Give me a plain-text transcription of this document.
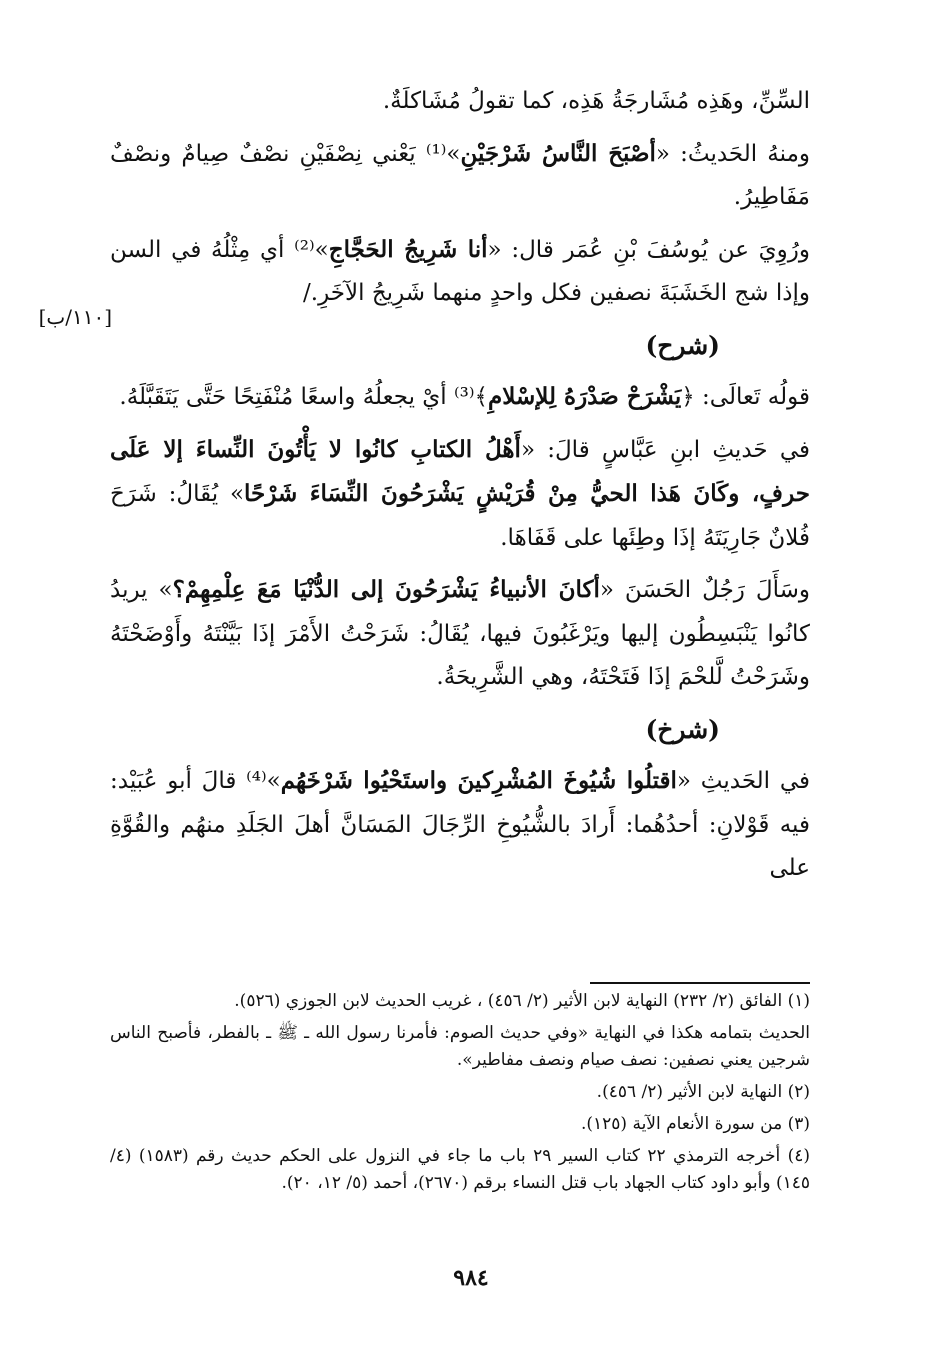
[١١٠/ب]

السِّنِّ، وهَذِه مُشَارجَةُ هَذِه، كما تقولُ مُشَاكلَةٌ.

ومنهُ الحَديثُ: «أصْبَحَ النَّاسُ شَرْجَيْنِ»⁽¹⁾ يَعْني نِصْفَيْنِ نصْفٌ صِيامٌ ونصْفٌ مَفَاطِيرُ.

ورُوِيَ عن يُوسُفَ بْنِ عُمَر قال: «أنا شَرِيجُ الحَجَّاجِ»⁽²⁾ أي مِثْلُهُ في السن وإذا شج الخَشَبَةَ نصفين فكل واحدٍ منهما شَرِيجُ الآخَرِ./

(شرح)

قولُه تَعالَى: ﴿يَشْرَحْ صَدْرَهُ لِلإسْلامِ﴾⁽³⁾ أيْ يجعلُهُ واسعًا مُنْفَتِحًا حَتَّى يَتَقَبَّلَهُ.

في حَديثِ ابنِ عَبَّاسٍ قالَ: «أَهْلُ الكتابِ كانُوا لا يَأْتُونَ النِّساءَ إلا عَلَى حرفٍ، وكَانَ هَذا الحيُّ مِنْ قُرَيْشٍ يَشْرَحُونَ النِّسَاءَ شَرْحًا» يُقَالُ: شَرَحَ فُلانٌ جَارِيَتَهُ إذَا وطِئَها على قَفَاهَا.

وسَأَلَ رَجُلٌ الحَسَنَ «أكانَ الأنبياءُ يَشْرَحُونَ إلى الدُّنْيَا مَعَ عِلْمِهِمْ؟» يريدُ كانُوا يَنْبَسِطُون إليها ويَرْغَبُونَ فيها، يُقَالُ: شَرَحْتُ الأَمْرَ إذَا بَيَّنْتَهُ وأَوْضَحْتَهُ وشَرَحْتُ لَّلحْمَ إذَا فَتَحْتَهُ، وهي الشَّرِيحَةُ.

(شرخ)

في الحَديثِ «اقتلُوا شُيُوخَ المُشْرِكينَ واستَحْيُوا شَرْخَهُم»⁽⁴⁾ قالَ أبو عُبَيْد: فيه قَوْلانِ: أحدُهُما: أَرادَ بالشُّيُوخِ الرِّجَالَ المَسَانَّ أهلَ الجَلَدِ منهُم والقُوَّةِ على

(١) الفائق (٢/ ٢٣٢) النهاية لابن الأثير (٢/ ٤٥٦) ، غريب الحديث لابن الجوزي (٥٢٦).

الحديث بتمامه هكذا في النهاية «وفي حديث الصوم: فأمرنا رسول الله ـ ﷺ ـ بالفطر، فأصبح الناس شرجين يعني نصفين: نصف صيام ونصف مفاطير».

(٢) النهاية لابن الأثير (٢/ ٤٥٦).

(٣) من سورة الأنعام الآية (١٢٥).

(٤) أخرجه الترمذي ٢٢ كتاب السير ٢٩ باب ما جاء في النزول على الحكم حديث رقم (١٥٨٣) (٤/ ١٤٥) وأبو داود كتاب الجهاد باب قتل النساء برقم (٢٦٧٠)، أحمد (٥/ ١٢، ٢٠).

٩٨٤
